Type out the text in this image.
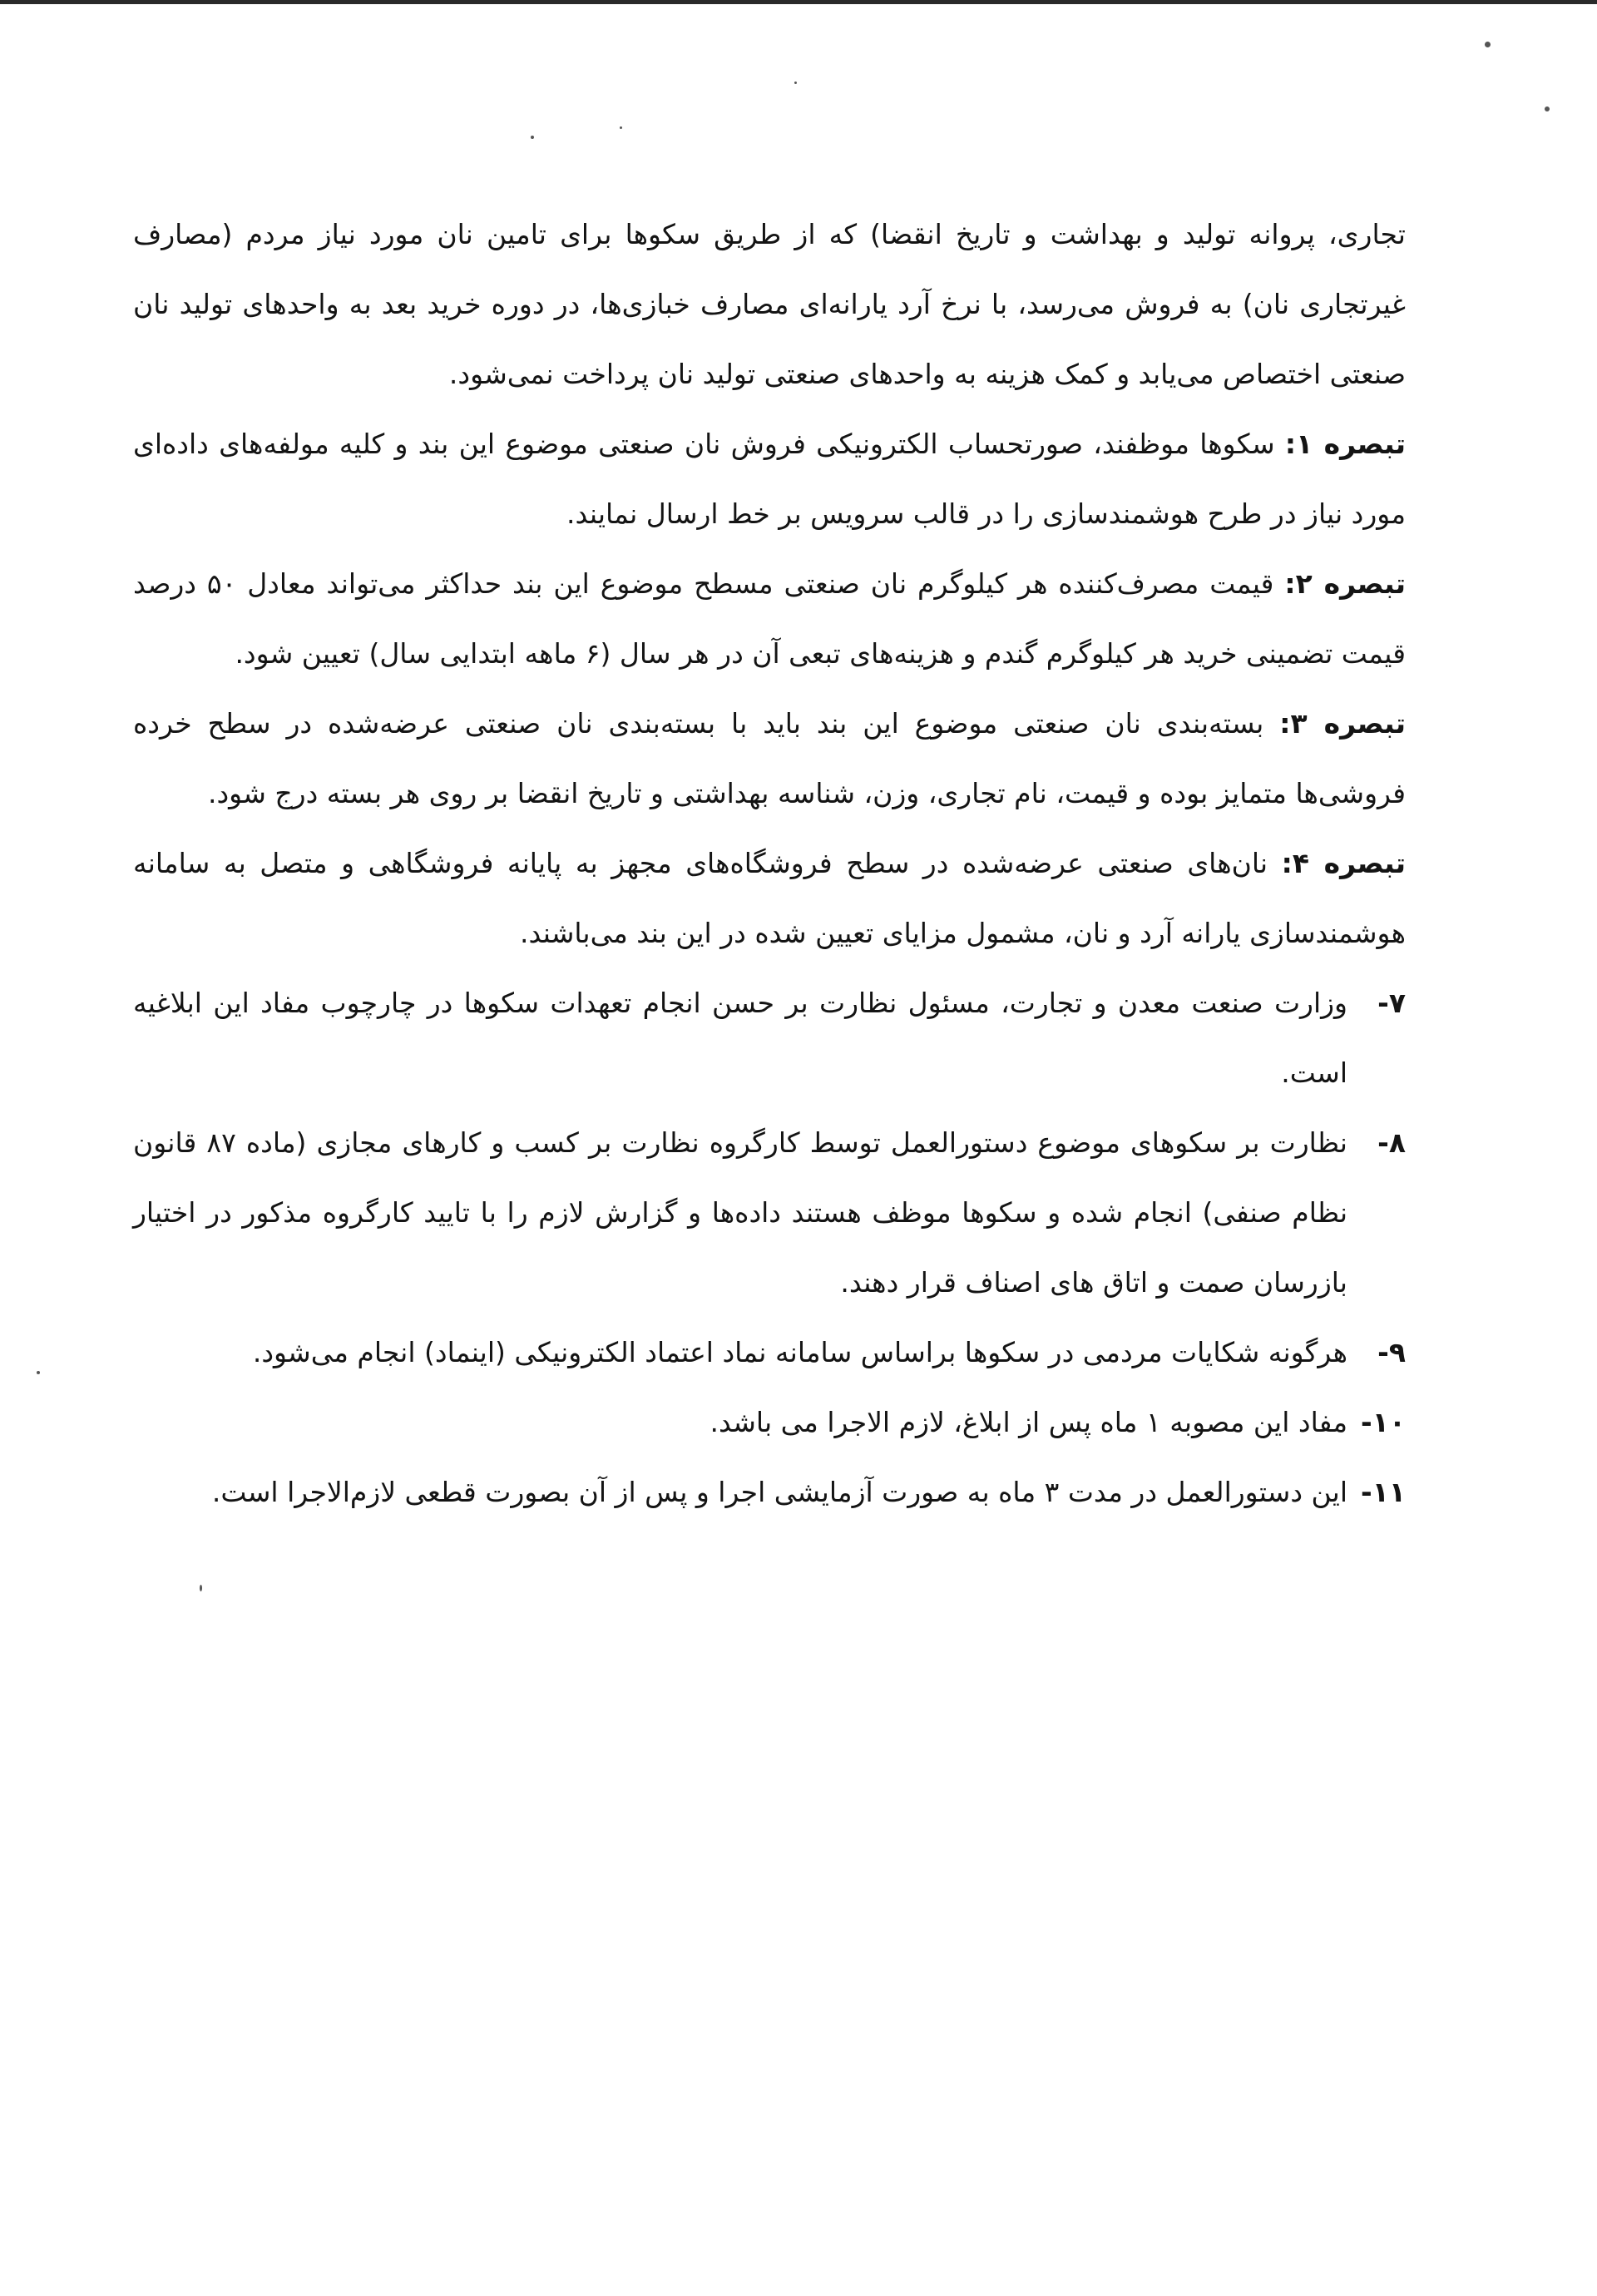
تجاری، پروانه تولید و بهداشت و تاریخ انقضا) که از طریق سکوها برای تامین نان مورد نیاز مردم (مصارف غیرتجاری نان) به فروش می‌رسد، با نرخ آرد یارانه‌ای مصارف خبازی‌ها، در دوره خرید بعد به واحدهای تولید نان صنعتی اختصاص می‌یابد و کمک هزینه به واحدهای صنعتی تولید نان پرداخت نمی‌شود.

تبصره ۱: سکوها موظفند، صورتحساب الکترونیکی فروش نان صنعتی موضوع این بند و کلیه مولفه‌های داده‌ای مورد نیاز در طرح هوشمندسازی را در قالب سرویس بر خط ارسال نمایند.

تبصره ۲: قیمت مصرف‌کننده هر کیلوگرم نان صنعتی مسطح موضوع این بند حداکثر می‌تواند معادل ۵۰ درصد قیمت تضمینی خرید هر کیلوگرم گندم و هزینه‌های تبعی آن در هر سال (۶ ماهه ابتدایی سال) تعیین شود.

تبصره ۳: بسته‌بندی نان صنعتی موضوع این بند باید با بسته‌بندی نان صنعتی عرضه‌شده در سطح خرده فروشی‌ها متمایز بوده و قیمت، نام تجاری، وزن، شناسه بهداشتی و تاریخ انقضا بر روی هر بسته درج شود.

تبصره ۴: نان‌های صنعتی عرضه‌شده در سطح فروشگاه‌های مجهز به پایانه فروشگاهی و متصل به سامانه هوشمندسازی یارانه آرد و نان، مشمول مزایای تعیین شده در این بند می‌باشند.

۷-
وزارت صنعت معدن و تجارت، مسئول نظارت بر حسن انجام تعهدات سکوها در چارچوب مفاد این ابلاغیه است.
۸-
نظارت بر سکوهای موضوع دستورالعمل توسط کارگروه نظارت بر کسب و کارهای مجازی (ماده ۸۷ قانون نظام صنفی) انجام شده و سکوها موظف هستند داده‌ها و گزارش لازم را با تایید کارگروه مذکور در اختیار بازرسان صمت و اتاق های اصناف قرار دهند.
۹-
هرگونه شکایات مردمی در سکوها براساس سامانه نماد اعتماد الکترونیکی (اینماد) انجام می‌شود.
۱۰-
مفاد این مصوبه ۱ ماه پس از ابلاغ، لازم الاجرا می باشد.
۱۱-
این دستورالعمل در مدت ۳ ماه به صورت آزمایشی اجرا و پس از آن بصورت قطعی لازم‌الاجرا است.
